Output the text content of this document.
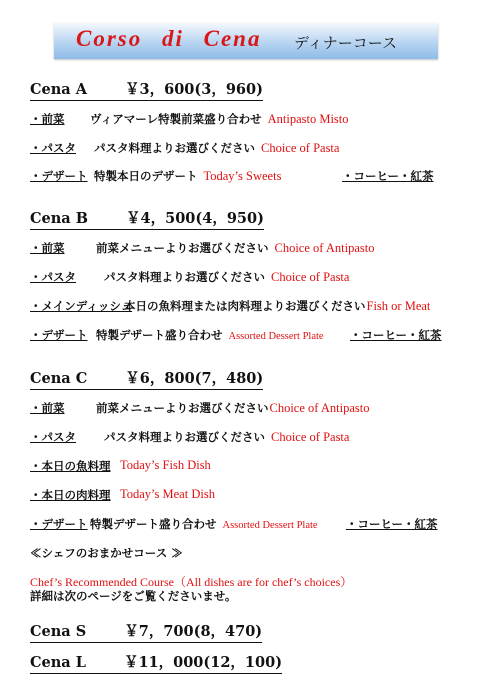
Corso di Cena ディナーコース
Cena A	￥3，600(3，960)
・前菜 ヴィアマーレ特製前菜盛り合わせ Antipasto Misto
・パスタ パスタ料理よりお選びください Choice of Pasta
・デザート 特製本日のデザート Today’s Sweets	・コーヒー・紅茶
Cena B	￥4，500(4，950)
・前菜	前菜メニューよりお選びください Choice of Antipasto
・パスタ パスタ料理よりお選びください Choice of Pasta
・メインディッシュ
本日の魚料理または肉料理よりお選びくださいFish or Meat
・デザート 特製デザート盛り合わせ Assorted Dessert Plate ・コーヒー・紅茶
Cena C	￥6，800(7，480)
・前菜	前菜メニューよりお選びくださいChoice of Antipasto
・パスタ パスタ料理よりお選びください Choice of Pasta
・本日の魚料理 Today’s Fish Dish
・本日の肉料理 Today’s Meat Dish
・デザート 特製デザート盛り合わせ Assorted Dessert Plate ・コーヒー・紅茶
≪シェフのおまかせコース ≫
Chef’s Recommended Course（All dishes are for chef’s choices）
詳細は次のページをご覧くださいませ。
Cena S	￥7，700(8，470)
Cena L	￥11，000(12，100)
